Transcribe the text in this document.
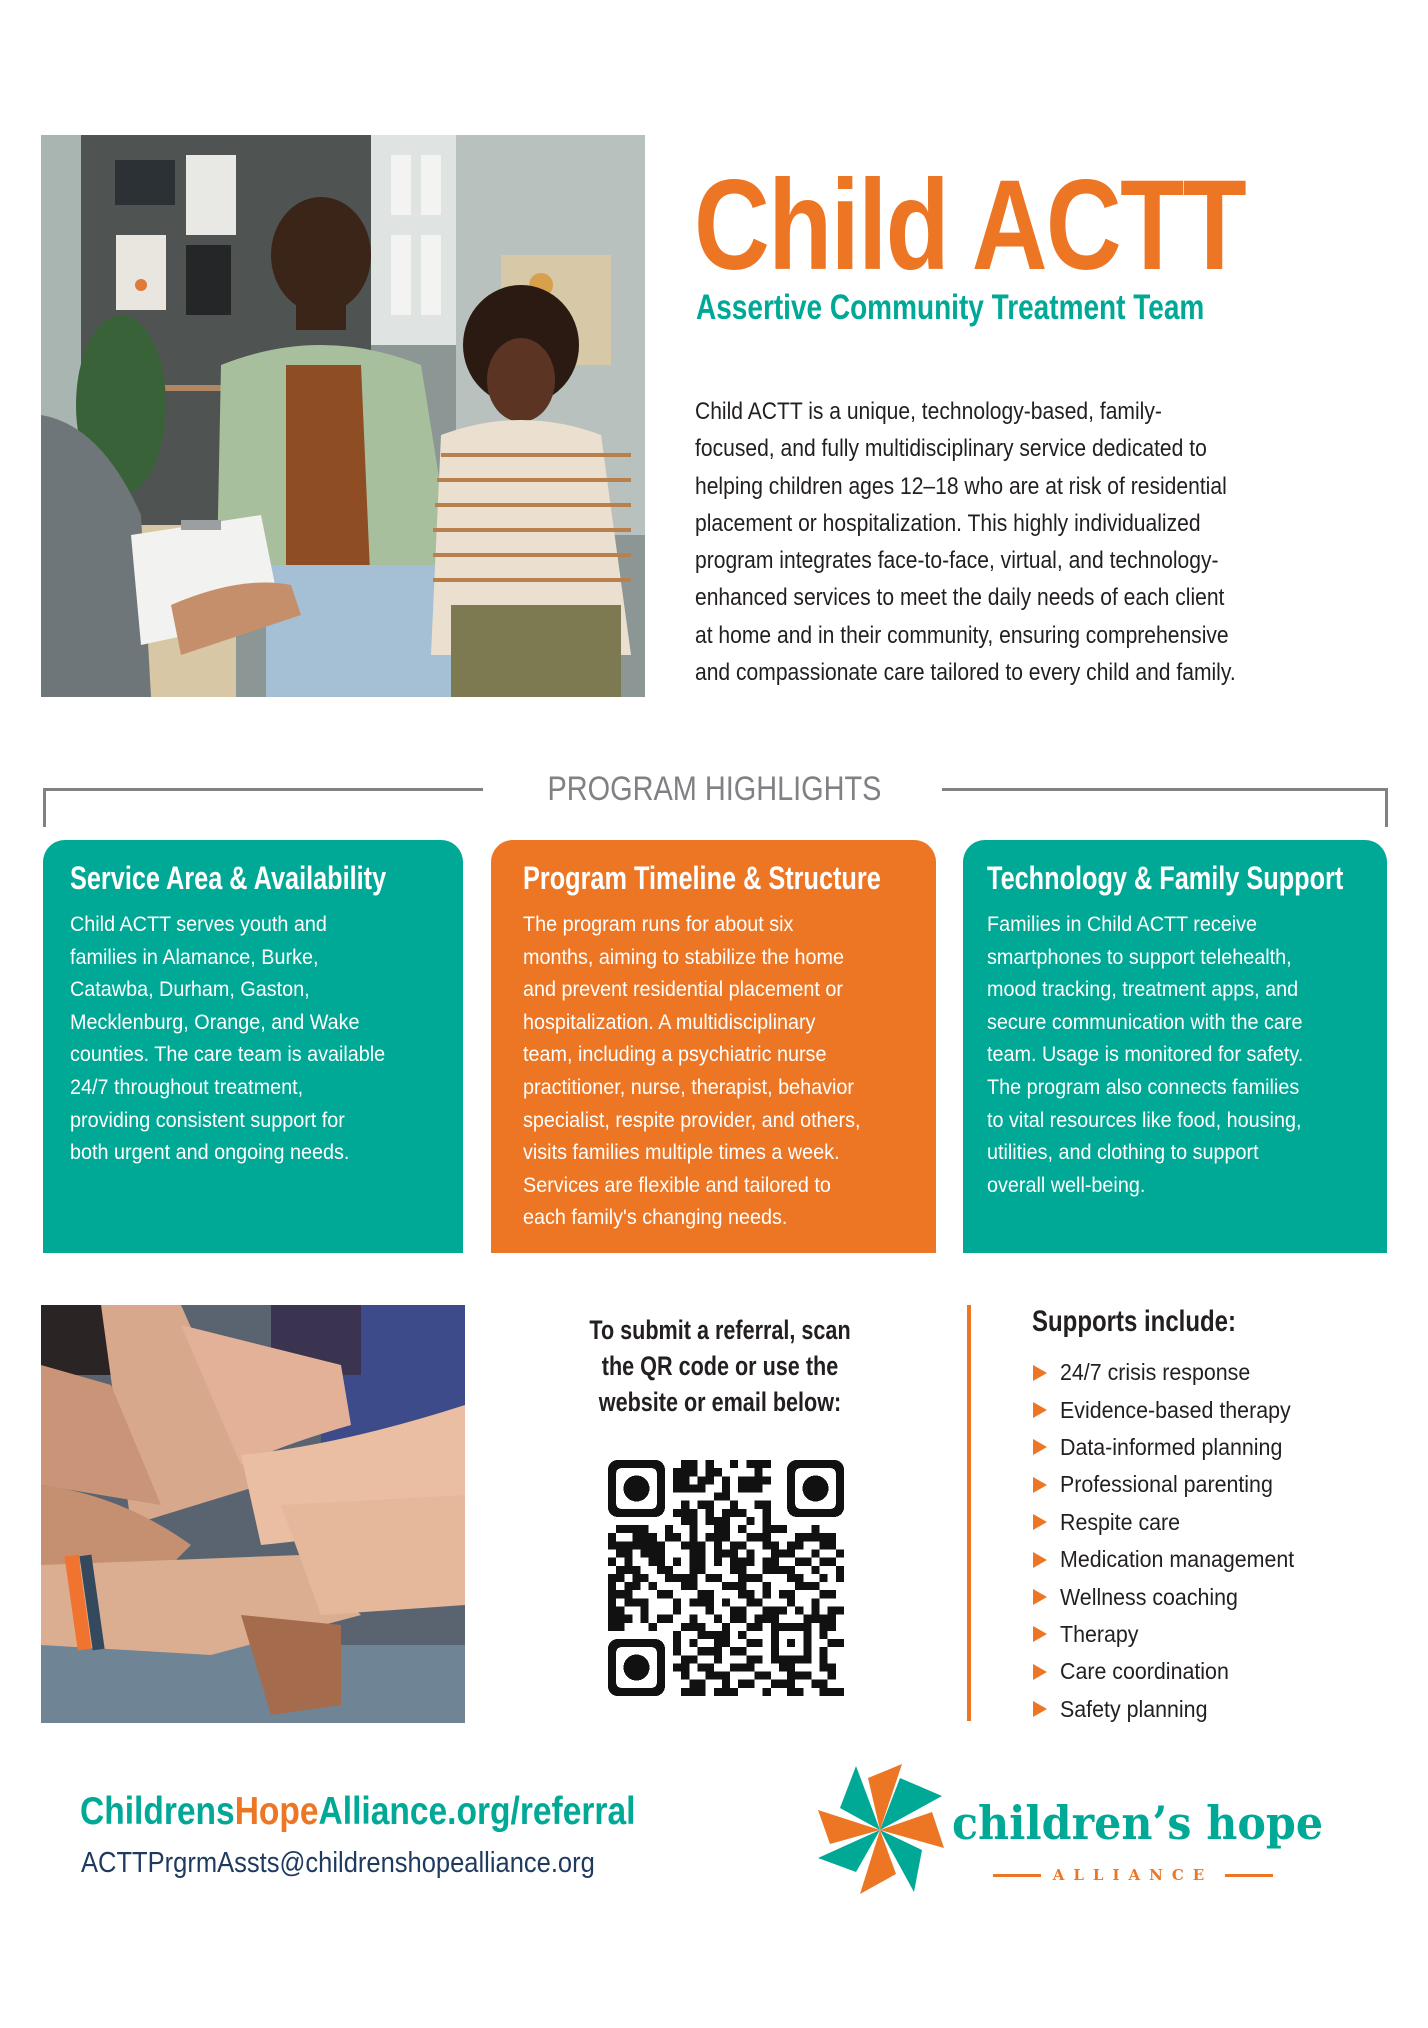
Child ACTT
Assertive Community Treatment Team
Child ACTT is a unique, technology-based, family-
focused, and fully multidisciplinary service dedicated to
helping children ages 12–18 who are at risk of residential
placement or hospitalization. This highly individualized
program integrates face-to-face, virtual, and technology-
enhanced services to meet the daily needs of each client
at home and in their community, ensuring comprehensive
and compassionate care tailored to every child and family.
PROGRAM HIGHLIGHTS
Service Area & Availability
Child ACTT serves youth and
families in Alamance, Burke,
Catawba, Durham, Gaston,
Mecklenburg, Orange, and Wake
counties. The care team is available
24/7 throughout treatment,
providing consistent support for
both urgent and ongoing needs.
Program Timeline & Structure
The program runs for about six
months, aiming to stabilize the home
and prevent residential placement or
hospitalization. A multidisciplinary
team, including a psychiatric nurse
practitioner, nurse, therapist, behavior
specialist, respite provider, and others,
visits families multiple times a week.
Services are flexible and tailored to
each family's changing needs.
Technology & Family Support
Families in Child ACTT receive
smartphones to support telehealth,
mood tracking, treatment apps, and
secure communication with the care
team. Usage is monitored for safety.
The program also connects families
to vital resources like food, housing,
utilities, and clothing to support
overall well-being.
To submit a referral, scan
the QR code or use the
website or email below:
Supports include:
24/7 crisis response
Evidence-based therapy
Data-informed planning
Professional parenting
Respite care
Medication management
Wellness coaching
Therapy
Care coordination
Safety planning
ChildrensHopeAlliance.org/referral
ACTTPrgrmAssts@childrenshopealliance.org
children’s hope
ALLIANCE
